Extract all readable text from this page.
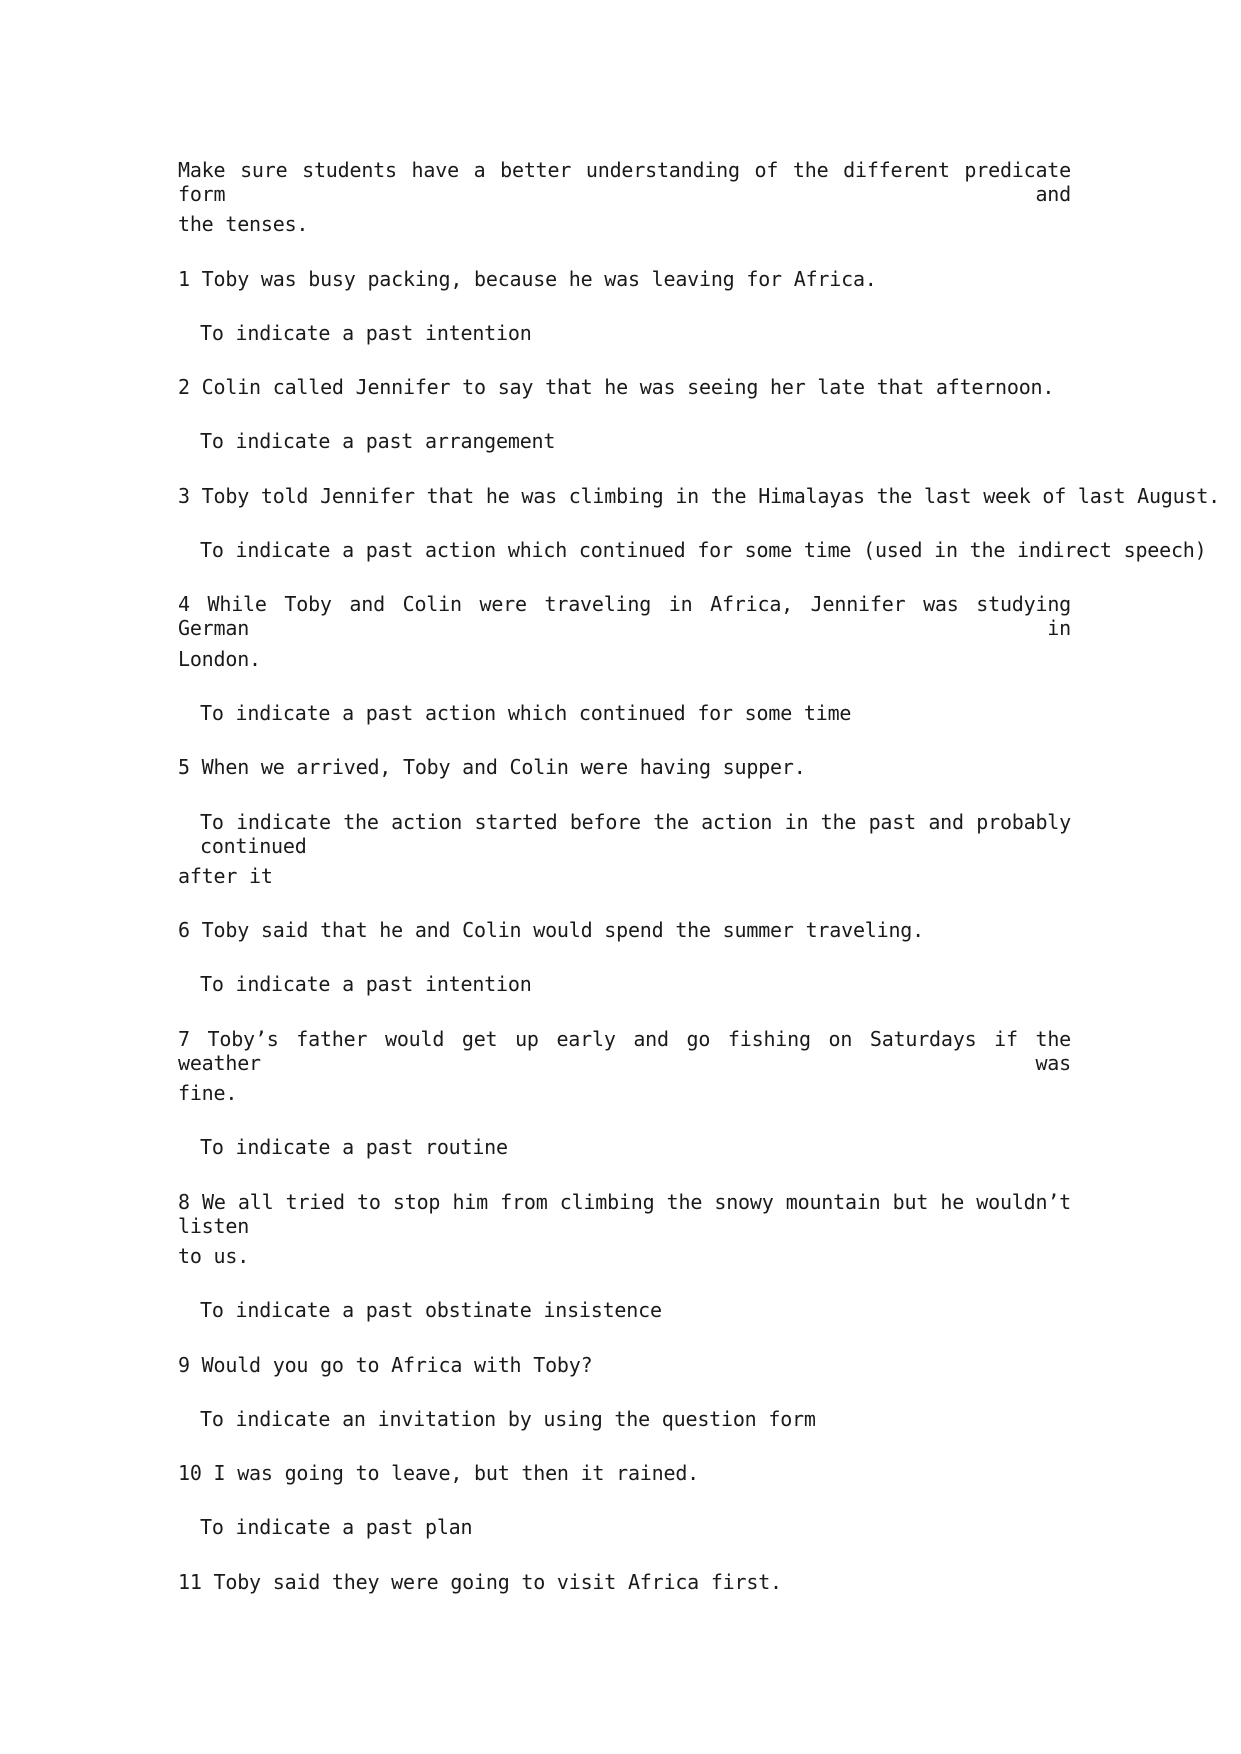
Make sure students have a better understanding of the different predicate form and
the tenses.
1 Toby was busy packing, because he was leaving for Africa.
To indicate a past intention
2 Colin called Jennifer to say that he was seeing her late that afternoon.
To indicate a past arrangement
3 Toby told Jennifer that he was climbing in the Himalayas the last week of last August.
To indicate a past action which continued for some time (used in the indirect speech)
4 While Toby and Colin were traveling in Africa, Jennifer was studying German in
London.
To indicate a past action which continued for some time
5 When we arrived, Toby and Colin were having supper.
To indicate the action started before the action in the past and probably continued
after it
6 Toby said that he and Colin would spend the summer traveling.
To indicate a past intention
7 Toby’s father would get up early and go fishing on Saturdays if the weather was
fine.
To indicate a past routine
8 We all tried to stop him from climbing the snowy mountain but he wouldn’t listen
to us.
To indicate a past obstinate insistence
9 Would you go to Africa with Toby?
To indicate an invitation by using the question form
10 I was going to leave, but then it rained.
To indicate a past plan
11 Toby said they were going to visit Africa first.
